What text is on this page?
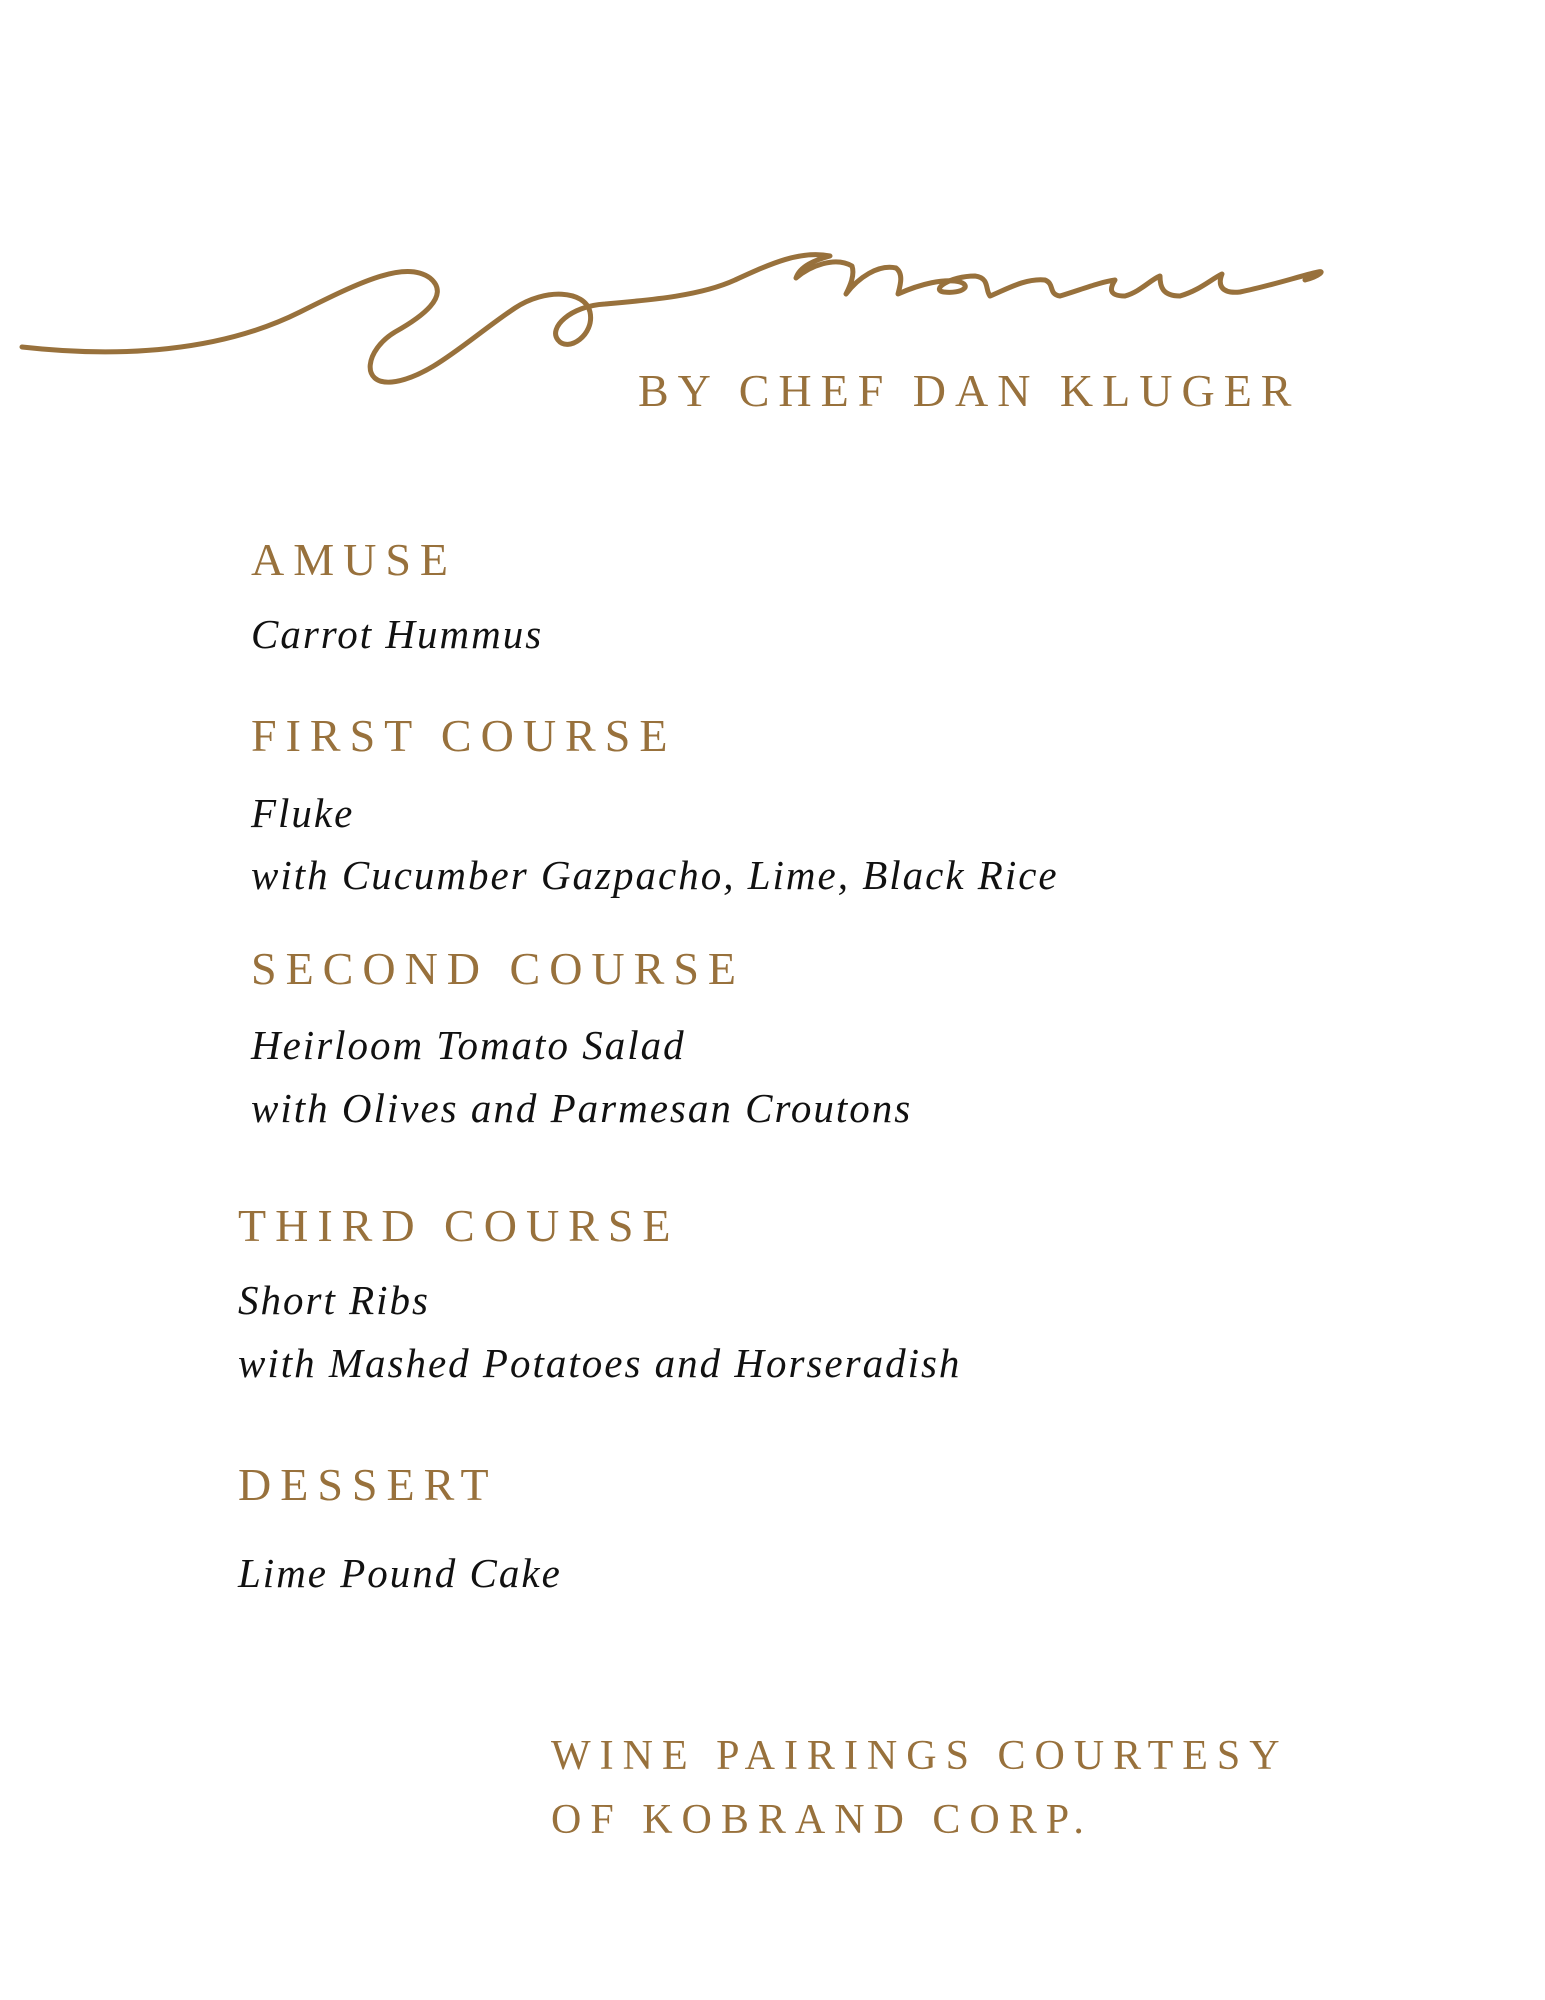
BY CHEF DAN KLUGER
AMUSE

Carrot Hummus

FIRST COURSE

Fluke

with Cucumber Gazpacho, Lime, Black Rice

SECOND COURSE

Heirloom Tomato Salad

with Olives and Parmesan Croutons

THIRD COURSE

Short Ribs

with Mashed Potatoes and Horseradish

DESSERT

Lime Pound Cake

WINE PAIRINGS COURTESY
OF KOBRAND CORP.
